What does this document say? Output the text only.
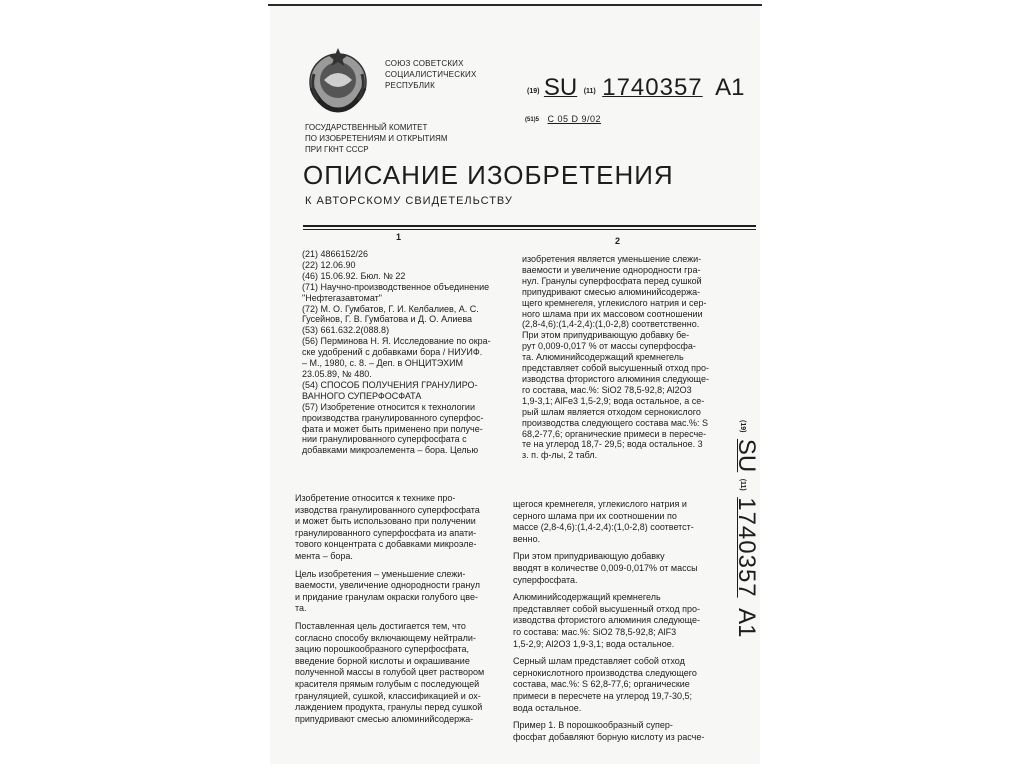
СОЮЗ СОВЕТСКИХ
СОЦИАЛИСТИЧЕСКИХ
РЕСПУБЛИК
(19) SU (11) 1740357 A1
(51)5 C 05 D 9/02
ГОСУДАРСТВЕННЫЙ КОМИТЕТ
ПО ИЗОБРЕТЕНИЯМ И ОТКРЫТИЯМ
ПРИ ГКНТ СССР
ОПИСАНИЕ ИЗОБРЕТЕНИЯ
К АВТОРСКОМУ СВИДЕТЕЛЬСТВУ
1	2
(21) 4866152/26
(22) 12.06.90
(46) 15.06.92. Бюл. № 22
(71) Научно-производственное объединение
"Нефтегазавтомат"
(72) М. О. Гумбатов, Г. И. Келбалиев, А. С.
Гусейнов, Г. В. Гумбатова и Д. О. Алиева
(53) 661.632.2(088.8)
(56) Перминова Н. Я. Исследование по окра-
ске удобрений с добавками бора / НИУИФ.
– М., 1980, с. 8. – Деп. в ОНЦИТЭХИМ
23.05.89, № 480.
(54) СПОСОБ ПОЛУЧЕНИЯ ГРАНУЛИРО-
ВАННОГО СУПЕРФОСФАТА
(57) Изобретение относится к технологии
производства гранулированного суперфос-
фата и может быть применено при получе-
нии гранулированного суперфосфата с
добавками микроэлемента – бора. Целью
изобретения является уменьшение слежи-
ваемости и увеличение однородности гра-
нул. Гранулы суперфосфата перед сушкой
припудривают смесью алюминийсодержа-
щего кремнегеля, углекислого натрия и сер-
ного шлама при их массовом соотношении
(2,8-4,6):(1,4-2,4):(1,0-2,8) соответственно.
При этом припудривающую добавку бе-
рут 0,009-0,017 % от массы суперфосфа-
та. Алюминийсодержащий кремнегель
представляет собой высушенный отход про-
изводства фтористого алюминия следующе-
го состава, мас.%: SiO2 78,5-92,8; Al2O3
1,9-3,1; AlFe3 1,5-2,9; вода остальное, а се-
рый шлам является отходом сернокислого
производства следующего состава мас.%: S
68,2-77,6; органические примеси в пересче-
те на углерод 18,7- 29,5; вода остальное. 3
з. п. ф-лы, 2 табл.
Изобретение относится к технике про-
изводства гранулированного суперфосфата
и может быть использовано при получении
гранулированного суперфосфата из апати-
тового концентрата с добавками микроэле-
мента – бора.
Цель изобретения – уменьшение слежи-
ваемости, увеличение однородности гранул
и придание гранулам окраски голубого цве-
та.
Поставленная цель достигается тем, что
согласно способу включающему нейтрали-
зацию порошкообразного суперфосфата,
введение борной кислоты и окрашивание
полученной массы в голубой цвет раствором
красителя прямым голубым с последующей
грануляцией, сушкой, классификацией и ох-
лаждением продукта, гранулы перед сушкой
припудривают смесью алюминийсодержа-
щегося кремнегеля, углекислого натрия и
серного шлама при их соотношении по
массе (2,8-4,6):(1,4-2,4):(1,0-2,8) соответст-
венно.
При этом припудривающую добавку
вводят в количестве 0,009-0,017% от массы
суперфосфата.
Алюминийсодержащий кремнегель
представляет собой высушенный отход про-
изводства фтористого алюминия следующе-
го состава: мас.%: SiO2 78,5-92,8; AlF3
1,5-2,9; Al2O3 1,9-3,1; вода остальное.
Серный шлам представляет собой отход
сернокислотного производства следующего
состава, мас.%: S 62,8-77,6; органические
примеси в пересчете на углерод 19,7-30,5;
вода остальное.
Пример 1. В порошкообразный супер-
фосфат добавляют борную кислоту из расче-
(19) SU (11) 1740357 A1
